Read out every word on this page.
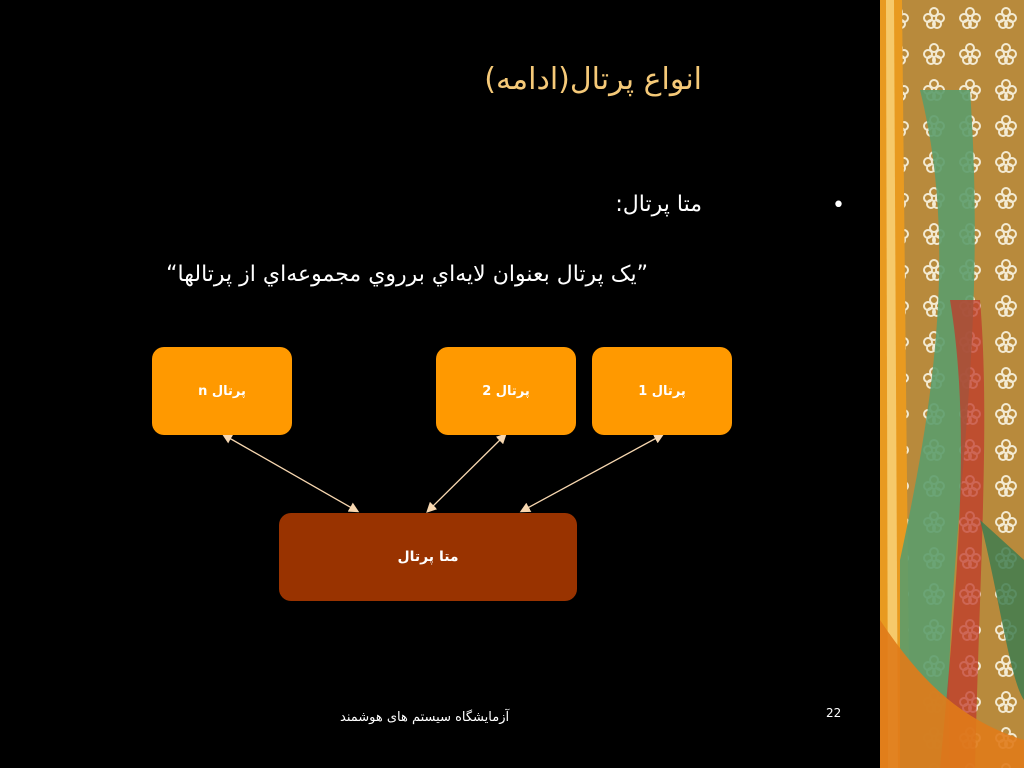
انواع پرتال(ادامه)
•
متا پرتال:
”یک پرتال بعنوان لایه‌اي برروي مجموعه‌اي از پرتالها“
پرتال n	پرتال 2	پرتال 1
متا پرتال
آزمایشگاه سیستم های هوشمند	22
